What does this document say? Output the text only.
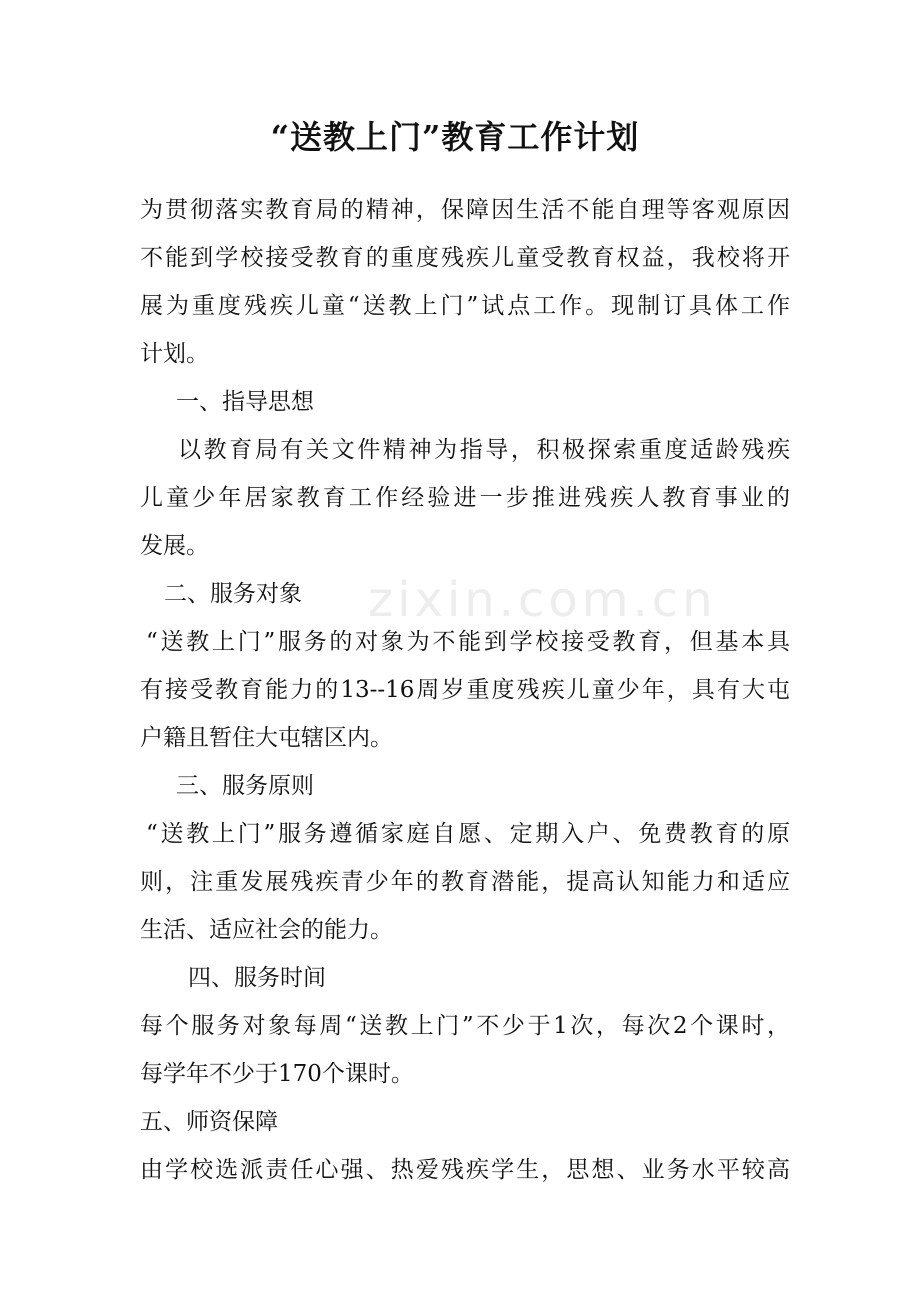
zixin.com.cn
“送教上门”教育工作计划
为贯彻落实教育局的精神，保障因生活不能自理等客观原因
不能到学校接受教育的重度残疾儿童受教育权益，我校将开
展为重度残疾儿童“送教上门”试点工作。现制订具体工作
计划。
一、指导思想
以教育局有关文件精神为指导，积极探索重度适龄残疾
儿童少年居家教育工作经验进一步推进残疾人教育事业的
发展。
二、服务对象
“送教上门”服务的对象为不能到学校接受教育，但基本具
有接受教育能力的13--16周岁重度残疾儿童少年，具有大屯
户籍且暂住大屯辖区内。
三、服务原则
“送教上门”服务遵循家庭自愿、定期入户、免费教育的原
则，注重发展残疾青少年的教育潜能，提高认知能力和适应
生活、适应社会的能力。
四、服务时间
每个服务对象每周“送教上门”不少于1次，每次2个课时，
每学年不少于170个课时。
五、师资保障
由学校选派责任心强、热爱残疾学生，思想、业务水平较高
